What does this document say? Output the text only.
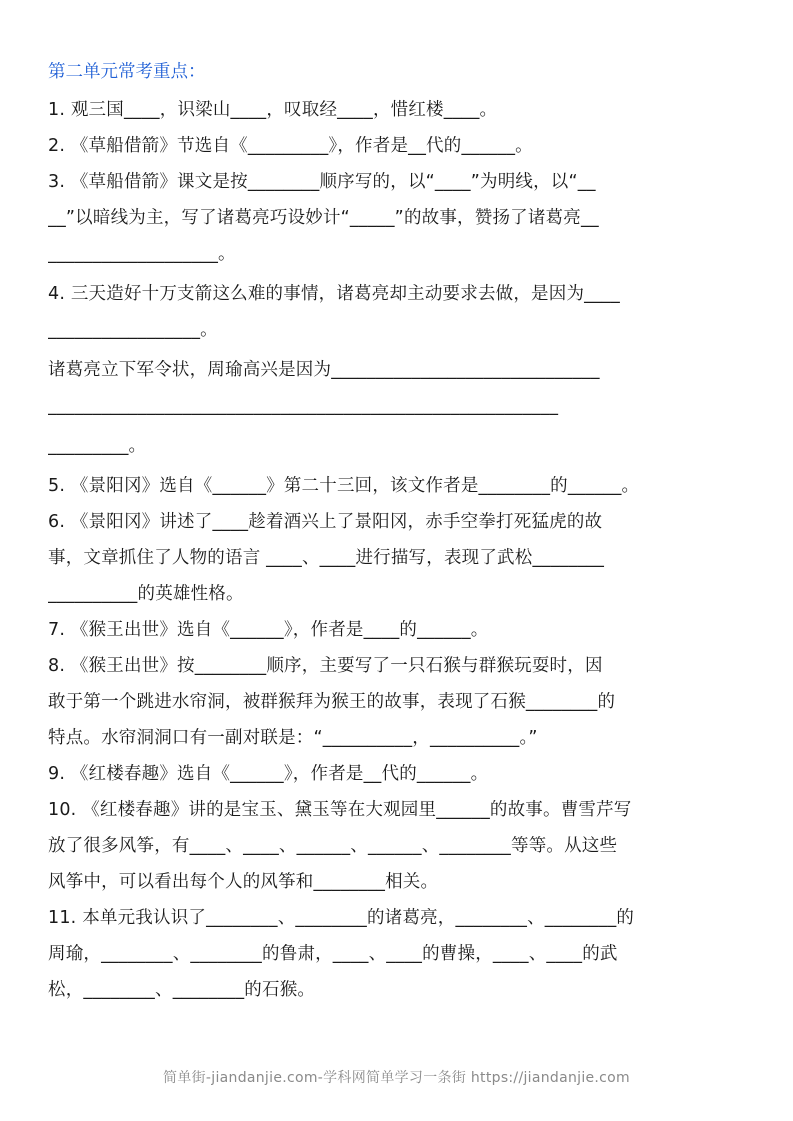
第二单元常考重点：
1. 观三国____，识梁山____，叹取经____，惜红楼____。
2. 《草船借箭》节选自《_________》，作者是__代的______。
3. 《草船借箭》课文是按________顺序写的，以“____”为明线，以“__
__”以暗线为主，写了诸葛亮巧设妙计“_____”的故事，赞扬了诸葛亮__
___________________。
4. 三天造好十万支箭这么难的事情，诸葛亮却主动要求去做，是因为____
_________________。
诸葛亮立下军令状，周瑜高兴是因为______________________________
_________________________________________________________
_________。
5. 《景阳冈》选自《______》第二十三回，该文作者是________的______。
6. 《景阳冈》讲述了____趁着酒兴上了景阳冈，赤手空拳打死猛虎的故
事，文章抓住了人物的语言 ____、____进行描写，表现了武松________
__________的英雄性格。
7. 《猴王出世》选自《______》，作者是____的______。
8. 《猴王出世》按________顺序，主要写了一只石猴与群猴玩耍时，因
敢于第一个跳进水帘洞，被群猴拜为猴王的故事，表现了石猴________的
特点。水帘洞洞口有一副对联是：“__________，__________。”
9. 《红楼春趣》选自《______》，作者是__代的______。
10. 《红楼春趣》讲的是宝玉、黛玉等在大观园里______的故事。曹雪芹写
放了很多风筝，有____、____、______、______、________等等。从这些
风筝中，可以看出每个人的风筝和________相关。
11. 本单元我认识了________、________的诸葛亮，________、________的
周瑜，________、________的鲁肃，____、____的曹操，____、____的武
松，________、________的石猴。
简单街-jiandanjie.com-学科网简单学习一条街 https://jiandanjie.com
